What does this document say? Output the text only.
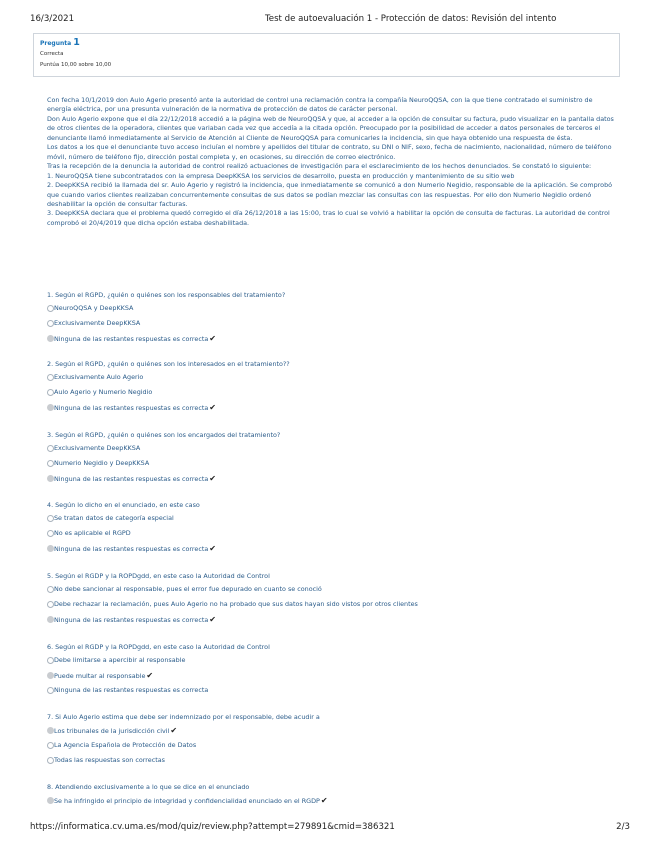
16/3/2021	Test de autoevaluación 1 - Protección de datos: Revisión del intento
Pregunta 1
Correcta
Puntúa 10,00 sobre 10,00

Con fecha 10/1/2019 don Aulo Agerio presentó ante la autoridad de control una reclamación contra la compañía NeuroQQSA, con la que tiene contratado el suministro de energía eléctrica, por una presunta vulneración de la normativa de protección de datos de carácter personal.

Don Aulo Agerio expone que el día 22/12/2018 accedió a la página web de NeuroQQSA y que, al acceder a la opción de consultar su factura, pudo visualizar en la pantalla datos de otros clientes de la operadora, clientes que variaban cada vez que accedía a la citada opción. Preocupado por la posibilidad de acceder a datos personales de terceros el denunciante llamó inmediatamente al Servicio de Atención al Cliente de NeuroQQSA para comunicarles la incidencia, sin que haya obtenido una respuesta de ésta.

Los datos a los que el denunciante tuvo acceso incluían el nombre y apellidos del titular de contrato, su DNI o NIF, sexo, fecha de nacimiento, nacionalidad, número de teléfono móvil, número de teléfono fijo, dirección postal completa y, en ocasiones, su dirección de correo electrónico.

Tras la recepción de la denuncia la autoridad de control realizó actuaciones de investigación para el esclarecimiento de los hechos denunciados. Se constató lo siguiente:

1. NeuroQQSA tiene subcontratados con la empresa DeepKKSA los servicios de desarrollo, puesta en producción y mantenimiento de su sitio web

2. DeepKKSA recibió la llamada del sr. Aulo Agerio y registró la incidencia, que inmediatamente se comunicó a don Numerio Negidio, responsable de la aplicación. Se comprobó que cuando varios clientes realizaban concurrentemente consultas de sus datos se podían mezclar las consultas con las respuestas. Por ello don Numerio Negidio ordenó deshabilitar la opción de consultar facturas.

3. DeepKKSA declara que el problema quedó corregido el día 26/12/2018 a las 15:00, tras lo cual se volvió a habilitar la opción de consulta de facturas. La autoridad de control comprobó el 20/4/2019 que dicha opción estaba deshabilitada.

1. Según el RGPD, ¿quién o quiénes son los responsables del tratamiento?
NeuroQQSA y DeepKKSA
Exclusivamente DeepKKSA
Ninguna de las restantes respuestas es correcta✔
2. Según el RGPD, ¿quién o quiénes son los interesados en el tratamiento??
Exclusivamente Aulo Agerio
Aulo Agerio y Numerio Negidio
Ninguna de las restantes respuestas es correcta✔
3. Según el RGPD, ¿quién o quiénes son los encargados del tratamiento?
Exclusivamente DeepKKSA
Numerio Negidio y DeepKKSA
Ninguna de las restantes respuestas es correcta✔
4. Según lo dicho en el enunciado, en este caso
Se tratan datos de categoría especial
No es aplicable el RGPD
Ninguna de las restantes respuestas es correcta✔
5. Según el RGDP y la ROPDgdd, en este caso la Autoridad de Control
No debe sancionar al responsable, pues el error fue depurado en cuanto se conoció
Debe rechazar la reclamación, pues Aulo Agerio no ha probado que sus datos hayan sido vistos por otros clientes
Ninguna de las restantes respuestas es correcta✔
6. Según el RGDP y la ROPDgdd, en este caso la Autoridad de Control
Debe limitarse a apercibir al responsable
Puede multar al responsable✔
Ninguna de las restantes respuestas es correcta
7. Si Aulo Agerio estima que debe ser indemnizado por el responsable, debe acudir a
Los tribunales de la jurisdicción civil✔
La Agencia Española de Protección de Datos
Todas las respuestas son correctas
8. Atendiendo exclusivamente a lo que se dice en el enunciado
Se ha infringido el principio de integridad y confidencialidad enunciado en el RGDP✔
https://informatica.cv.uma.es/mod/quiz/review.php?attempt=279891&cmid=386321	2/3
